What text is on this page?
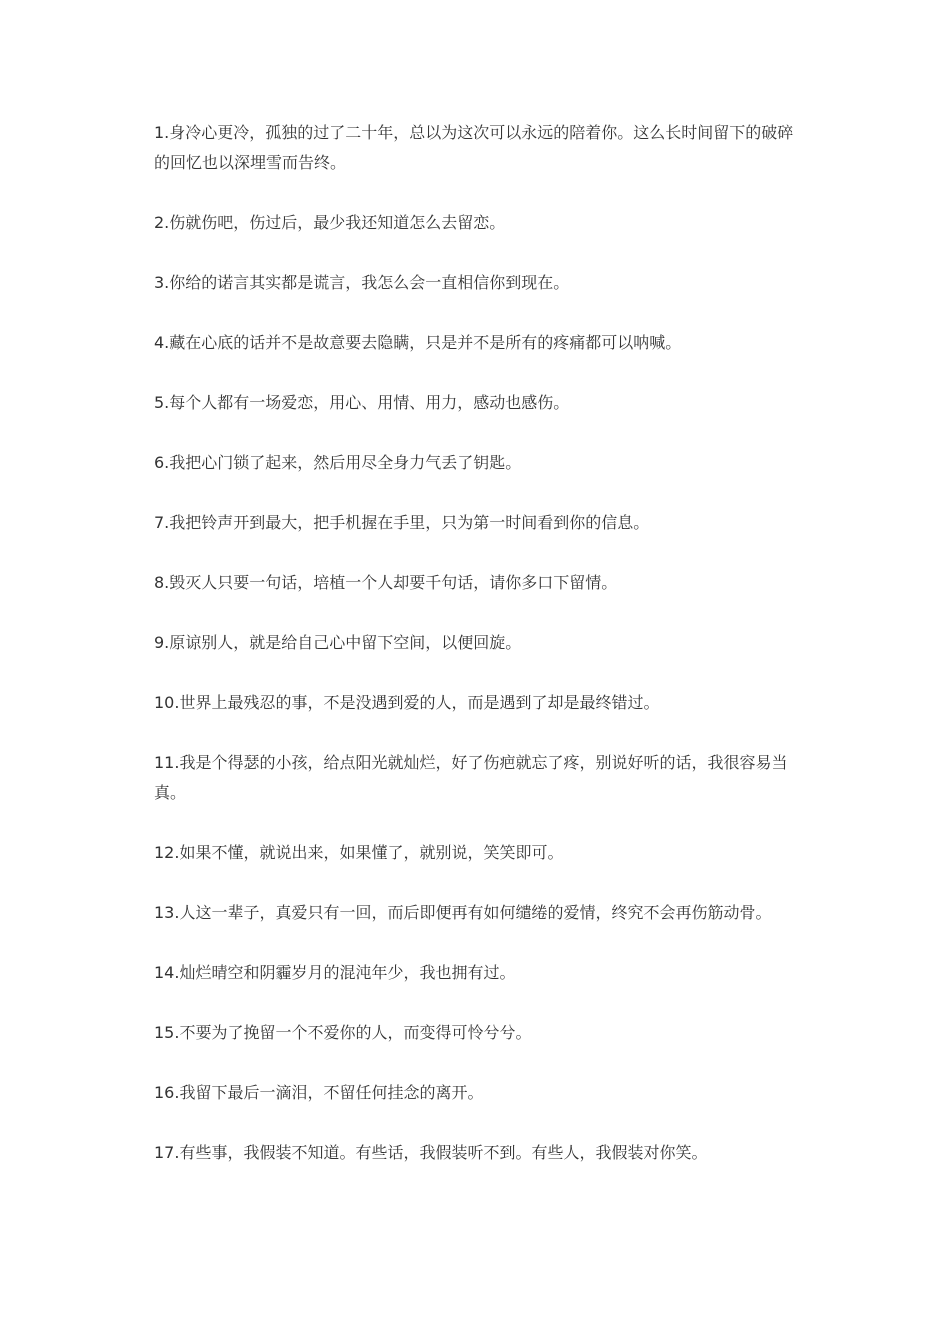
1.身冷心更冷，孤独的过了二十年，总以为这次可以永远的陪着你。这么长时间留下的破碎的回忆也以深埋雪而告终。

2.伤就伤吧，伤过后，最少我还知道怎么去留恋。

3.你给的诺言其实都是谎言，我怎么会一直相信你到现在。

4.藏在心底的话并不是故意要去隐瞒，只是并不是所有的疼痛都可以呐喊。

5.每个人都有一场爱恋，用心、用情、用力，感动也感伤。

6.我把心门锁了起来，然后用尽全身力气丢了钥匙。

7.我把铃声开到最大，把手机握在手里，只为第一时间看到你的信息。

8.毁灭人只要一句话，培植一个人却要千句话，请你多口下留情。

9.原谅别人，就是给自己心中留下空间，以便回旋。

10.世界上最残忍的事，不是没遇到爱的人，而是遇到了却是最终错过。

11.我是个得瑟的小孩，给点阳光就灿烂，好了伤疤就忘了疼，别说好听的话，我很容易当真。

12.如果不懂，就说出来，如果懂了，就别说，笑笑即可。

13.人这一辈子，真爱只有一回，而后即便再有如何缱绻的爱情，终究不会再伤筋动骨。

14.灿烂晴空和阴霾岁月的混沌年少，我也拥有过。

15.不要为了挽留一个不爱你的人，而变得可怜兮兮。

16.我留下最后一滴泪，不留任何挂念的离开。

17.有些事，我假装不知道。有些话，我假装听不到。有些人，我假装对你笑。
